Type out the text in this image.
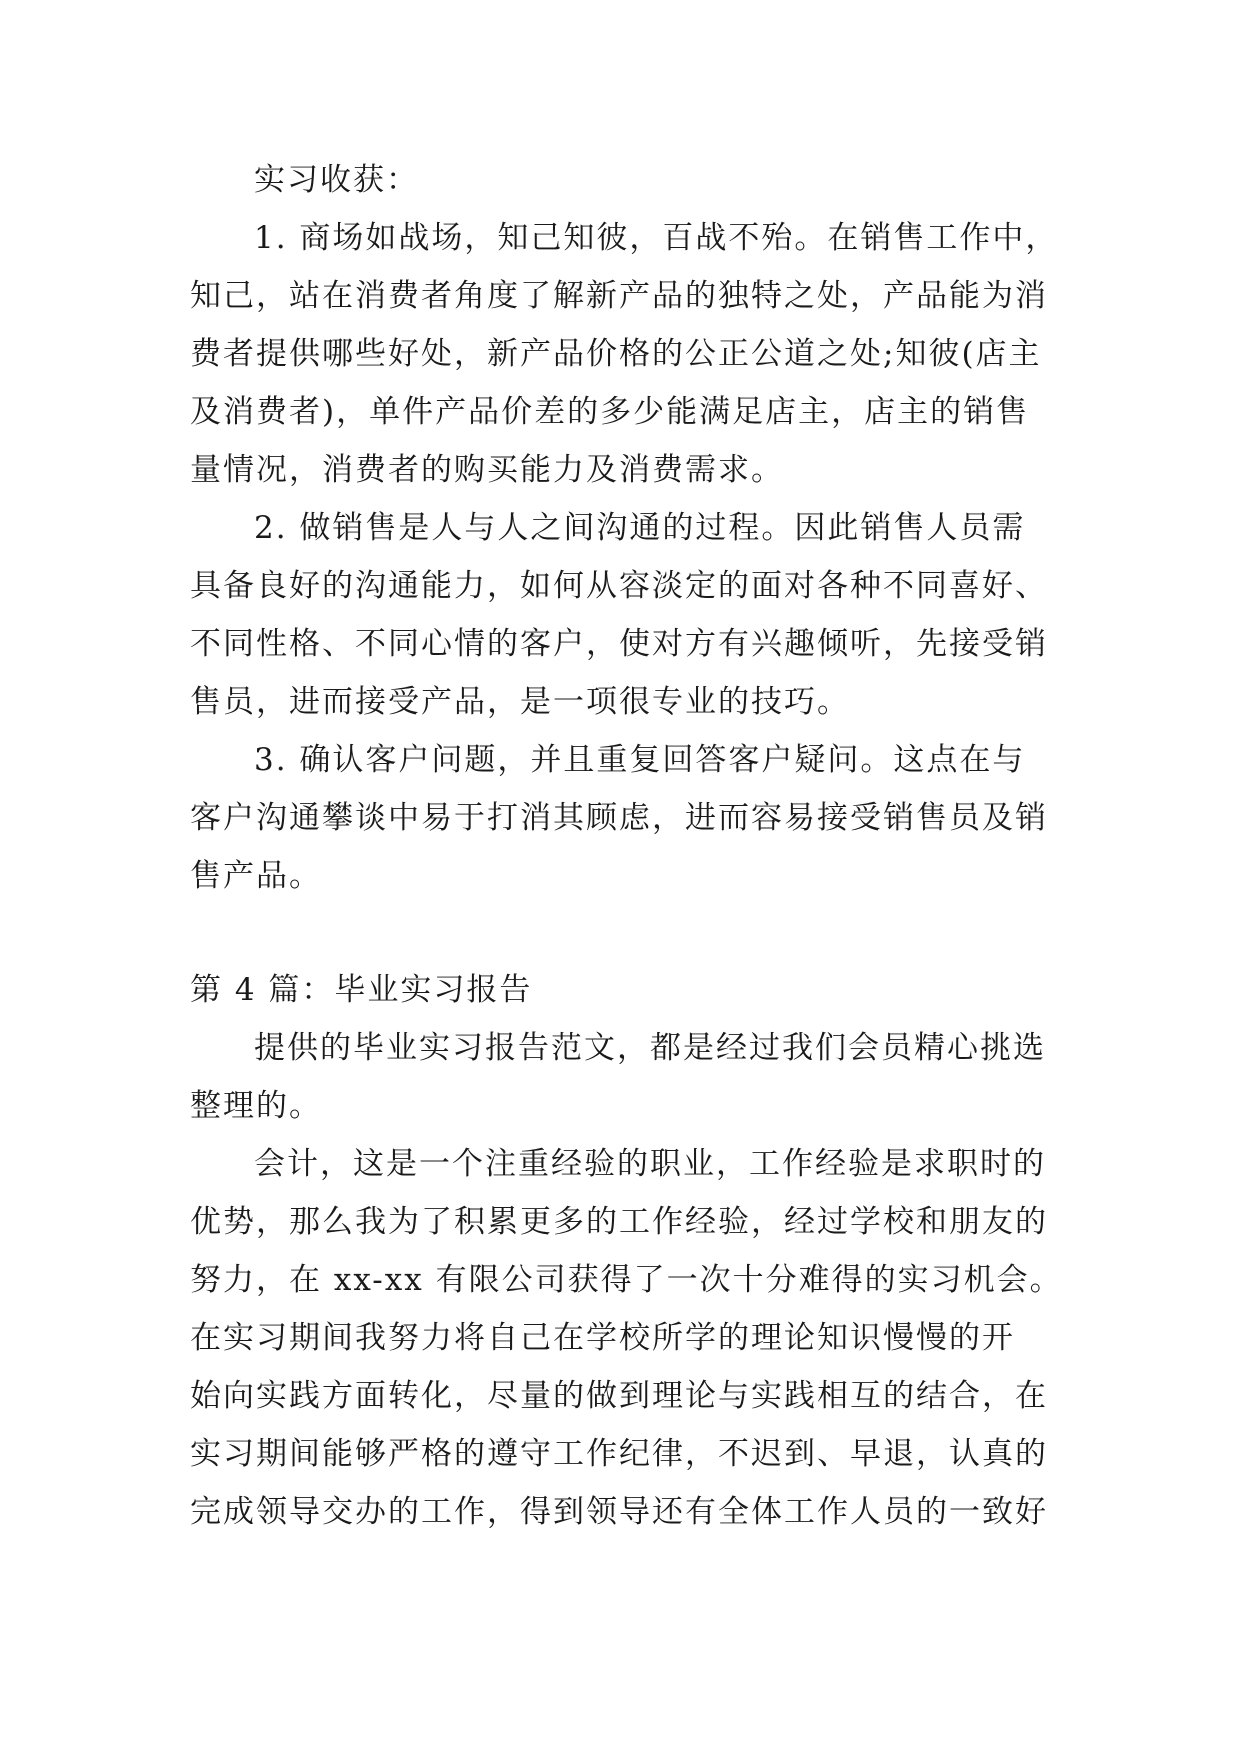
实习收获：
1. 商场如战场，知己知彼，百战不殆。在销售工作中，
知己，站在消费者角度了解新产品的独特之处，产品能为消
费者提供哪些好处，新产品价格的公正公道之处;知彼(店主
及消费者)，单件产品价差的多少能满足店主，店主的销售
量情况，消费者的购买能力及消费需求。
2. 做销售是人与人之间沟通的过程。因此销售人员需
具备良好的沟通能力，如何从容淡定的面对各种不同喜好、
不同性格、不同心情的客户，使对方有兴趣倾听，先接受销
售员，进而接受产品，是一项很专业的技巧。
3. 确认客户问题，并且重复回答客户疑问。这点在与
客户沟通攀谈中易于打消其顾虑，进而容易接受销售员及销
售产品。
第 4 篇：毕业实习报告
提供的毕业实习报告范文，都是经过我们会员精心挑选
整理的。
会计，这是一个注重经验的职业，工作经验是求职时的
优势，那么我为了积累更多的工作经验，经过学校和朋友的
努力，在 xx-xx 有限公司获得了一次十分难得的实习机会。
在实习期间我努力将自己在学校所学的理论知识慢慢的开
始向实践方面转化，尽量的做到理论与实践相互的结合，在
实习期间能够严格的遵守工作纪律，不迟到、早退，认真的
完成领导交办的工作，得到领导还有全体工作人员的一致好
